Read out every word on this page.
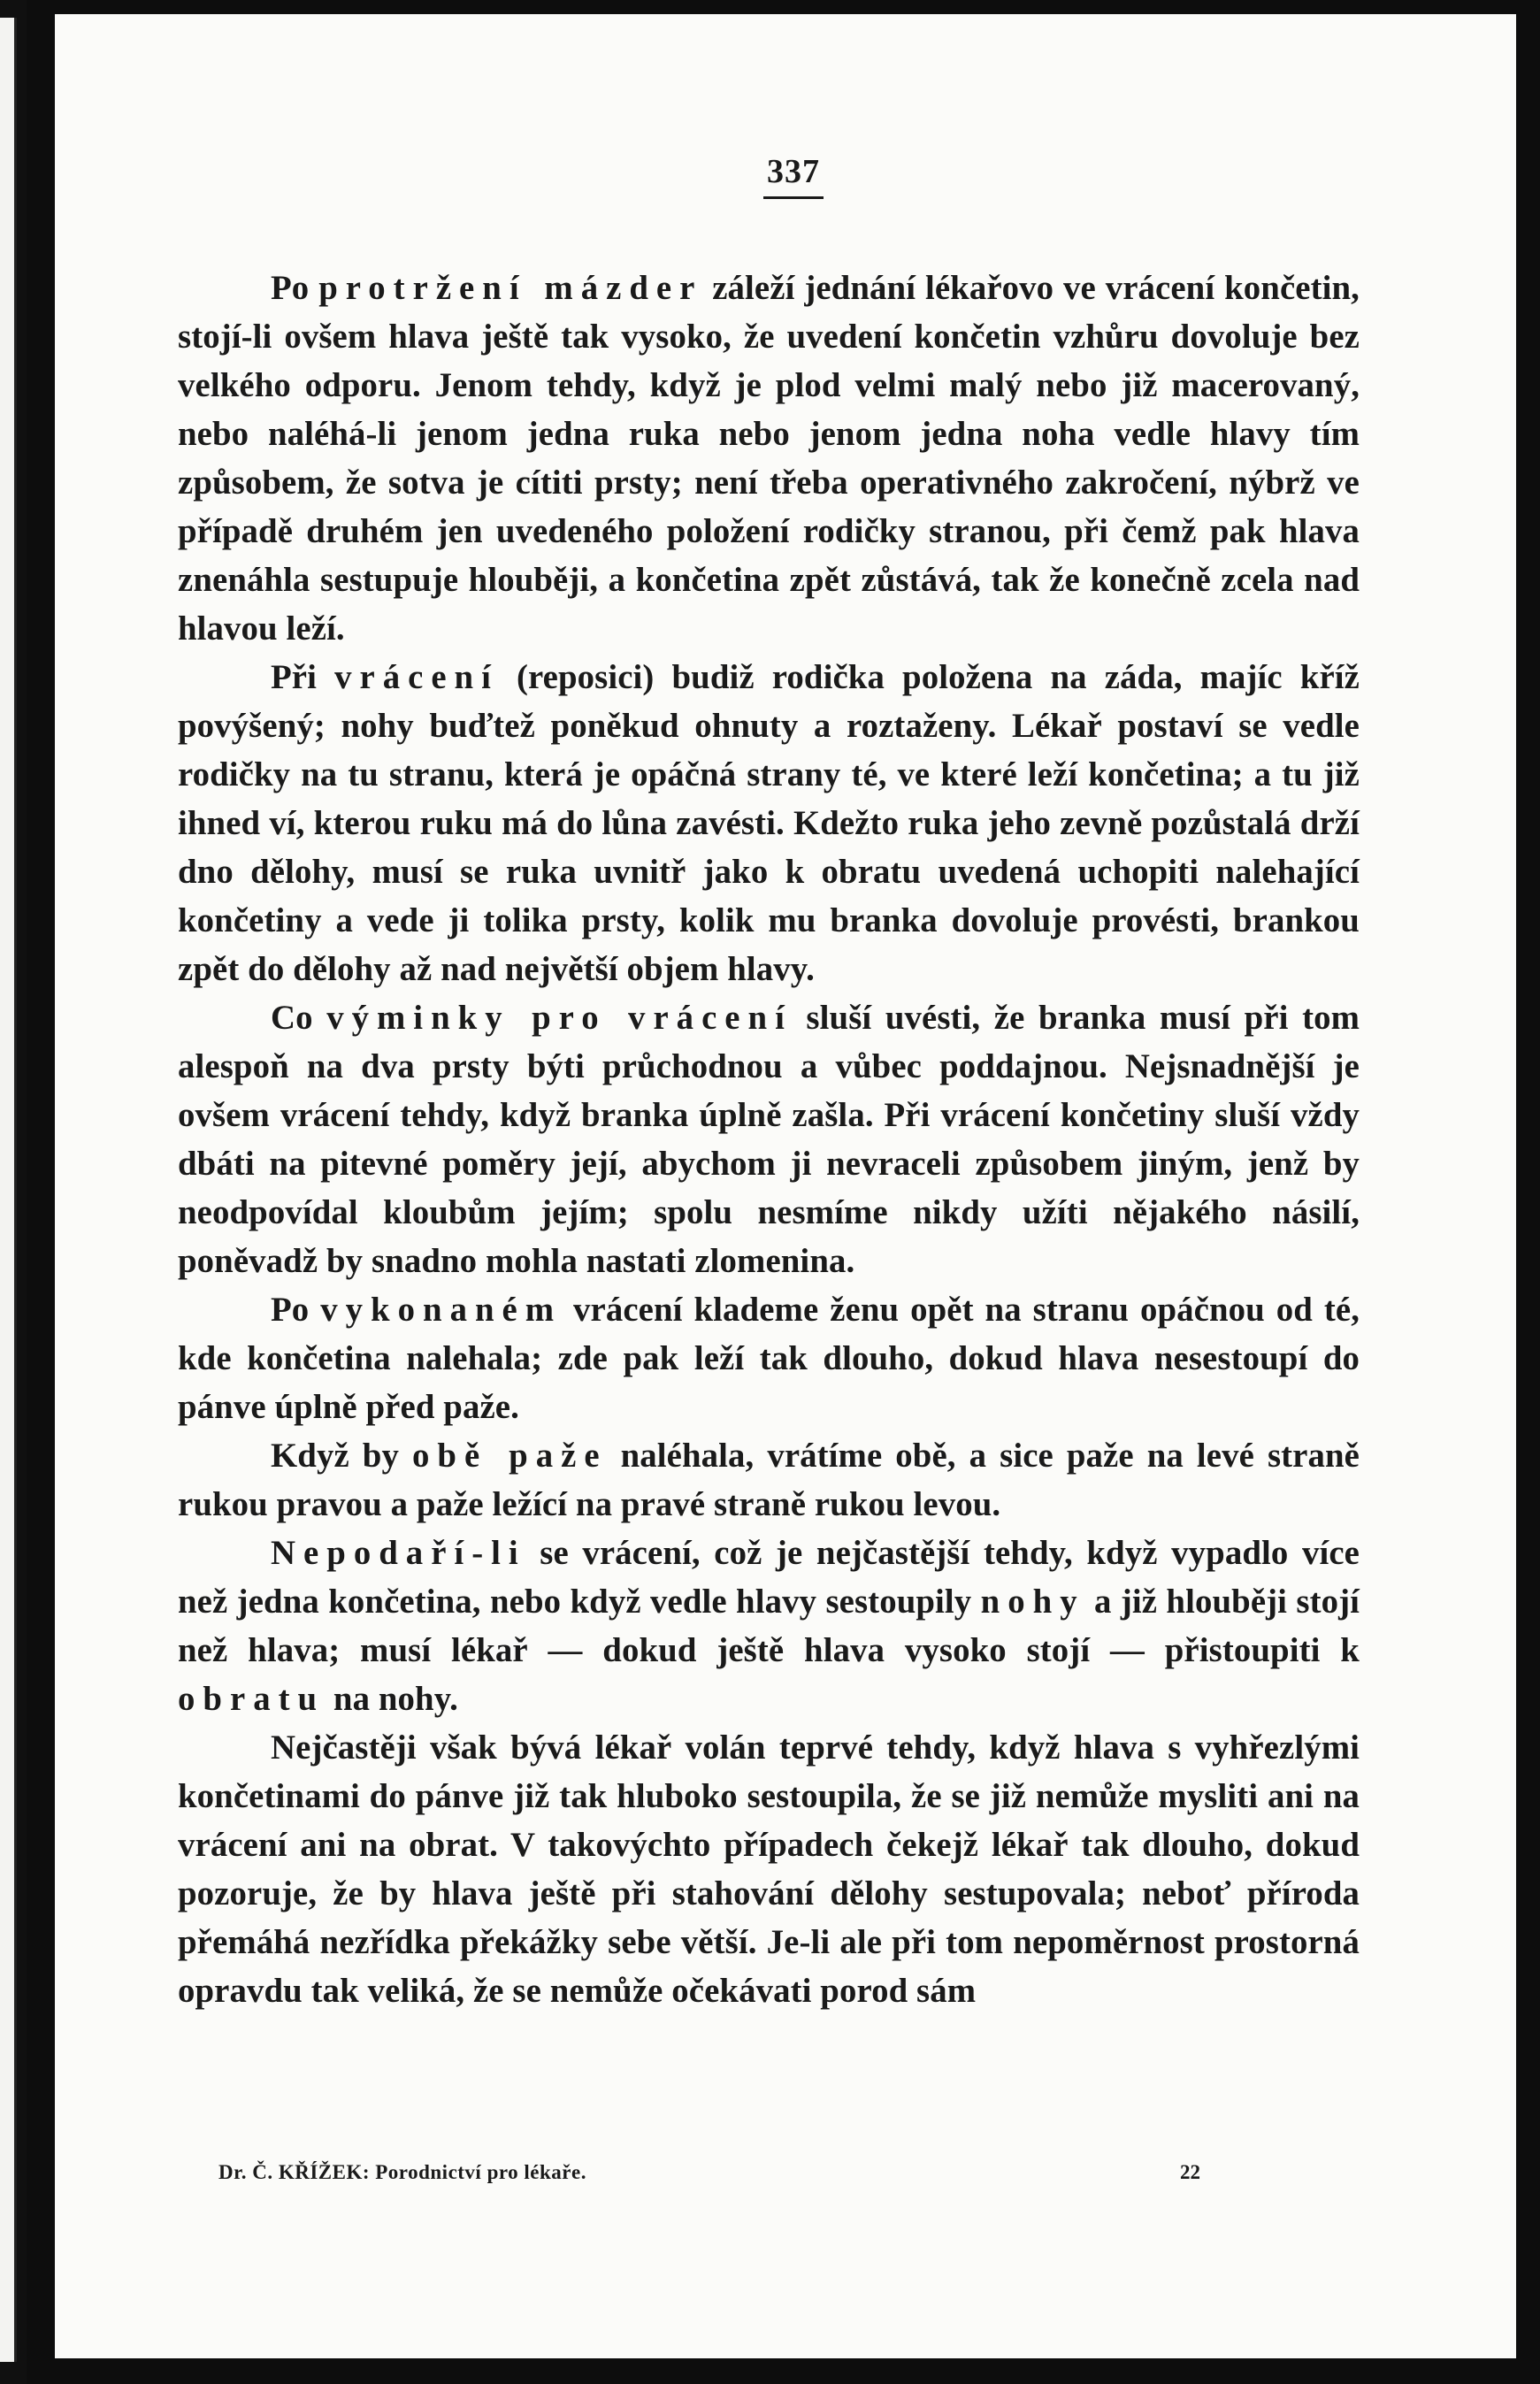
337

Po protržení mázder záleží jednání lékařovo ve vrácení končetin, stojí-li ovšem hlava ještě tak vysoko, že uvedení končetin vzhůru dovoluje bez velkého odporu. Jenom tehdy, když je plod velmi malý nebo již macerovaný, nebo naléhá-li jenom jedna ruka nebo jenom jedna noha vedle hlavy tím způsobem, že sotva je cítiti prsty; není třeba operativného zakročení, nýbrž ve případě druhém jen uvedeného položení rodičky stranou, při čemž pak hlava znenáhla sestupuje hlouběji, a končetina zpět zůstává, tak že konečně zcela nad hlavou leží.

Při vrácení (reposici) budiž rodička položena na záda, majíc kříž povýšený; nohy buďtež poněkud ohnuty a roztaženy. Lékař postaví se vedle rodičky na tu stranu, která je opáčná strany té, ve které leží končetina; a tu již ihned ví, kterou ruku má do lůna zavésti. Kdežto ruka jeho zevně pozůstalá drží dno dělohy, musí se ruka uvnitř jako k obratu uvedená uchopiti nalehající končetiny a vede ji tolika prsty, kolik mu branka dovoluje provésti, brankou zpět do dělohy až nad největší objem hlavy.

Co výminky pro vrácení sluší uvésti, že branka musí při tom alespoň na dva prsty býti průchodnou a vůbec poddajnou. Nejsnadnější je ovšem vrácení tehdy, když branka úplně zašla. Při vrácení končetiny sluší vždy dbáti na pitevné poměry její, abychom ji nevraceli způsobem jiným, jenž by neodpovídal kloubům jejím; spolu nesmíme nikdy užíti nějakého násilí, poněvadž by snadno mohla nastati zlomenina.

Po vykonaném vrácení klademe ženu opět na stranu opáčnou od té, kde končetina nalehala; zde pak leží tak dlouho, dokud hlava nesestoupí do pánve úplně před paže.

Když by obě paže naléhala, vrátíme obě, a sice paže na levé straně rukou pravou a paže ležící na pravé straně rukou levou.

Nepodaří-li se vrácení, což je nejčastější tehdy, když vypadlo více než jedna končetina, nebo když vedle hlavy sestoupily nohy a již hlouběji stojí než hlava; musí lékař — dokud ještě hlava vysoko stojí — přistoupiti k obratu na nohy.

Nejčastěji však bývá lékař volán teprvé tehdy, když hlava s vyhřezlými končetinami do pánve již tak hluboko sestoupila, že se již nemůže mysliti ani na vrácení ani na obrat. V takovýchto případech čekejž lékař tak dlouho, dokud pozoruje, že by hlava ještě při stahování dělohy sestupovala; neboť příroda přemáhá nezřídka překážky sebe větší. Je-li ale při tom nepoměrnost prostorná opravdu tak veliká, že se nemůže očekávati porod sám

Dr. Č. KŘÍŽEK: Porodnictví pro lékaře.	22
